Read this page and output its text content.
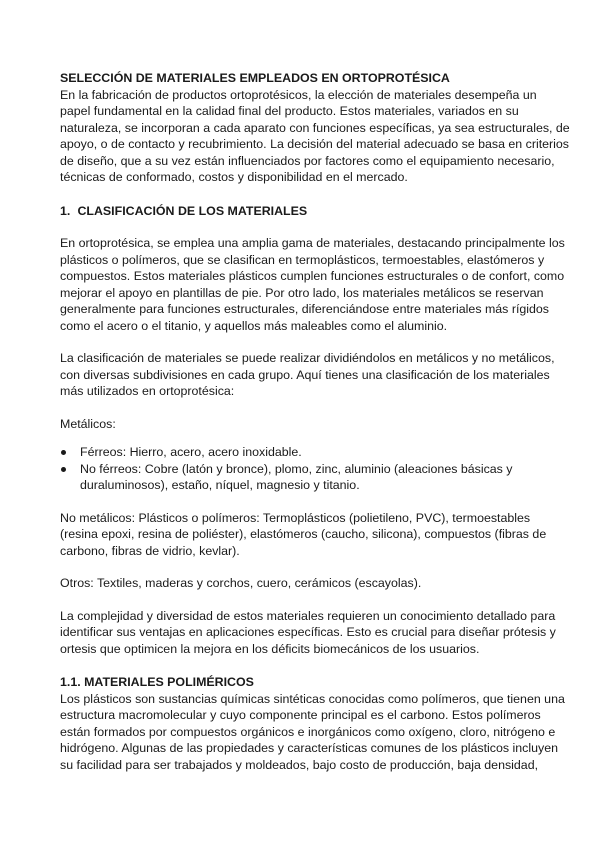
SELECCIÓN DE MATERIALES EMPLEADOS EN ORTOPROTÉSICA

En la fabricación de productos ortoprotésicos, la elección de materiales desempeña un papel fundamental en la calidad final del producto. Estos materiales, variados en su naturaleza, se incorporan a cada aparato con funciones específicas, ya sea estructurales, de apoyo, o de contacto y recubrimiento. La decisión del material adecuado se basa en criterios de diseño, que a su vez están influenciados por factores como el equipamiento necesario, técnicas de conformado, costos y disponibilidad en el mercado.

1. CLASIFICACIÓN DE LOS MATERIALES

En ortoprotésica, se emplea una amplia gama de materiales, destacando principalmente los plásticos o polímeros, que se clasifican en termoplásticos, termoestables, elastómeros y compuestos. Estos materiales plásticos cumplen funciones estructurales o de confort, como mejorar el apoyo en plantillas de pie. Por otro lado, los materiales metálicos se reservan generalmente para funciones estructurales, diferenciándose entre materiales más rígidos como el acero o el titanio, y aquellos más maleables como el aluminio.

La clasificación de materiales se puede realizar dividiéndolos en metálicos y no metálicos, con diversas subdivisiones en cada grupo. Aquí tienes una clasificación de los materiales más utilizados en ortoprotésica:

Metálicos:

Férreos: Hierro, acero, acero inoxidable.
No férreos: Cobre (latón y bronce), plomo, zinc, aluminio (aleaciones básicas y duraluminosos), estaño, níquel, magnesio y titanio.

No metálicos: Plásticos o polímeros: Termoplásticos (polietileno, PVC), termoestables (resina epoxi, resina de poliéster), elastómeros (caucho, silicona), compuestos (fibras de carbono, fibras de vidrio, kevlar).

Otros: Textiles, maderas y corchos, cuero, cerámicos (escayolas).

La complejidad y diversidad de estos materiales requieren un conocimiento detallado para identificar sus ventajas en aplicaciones específicas. Esto es crucial para diseñar prótesis y ortesis que optimicen la mejora en los déficits biomecánicos de los usuarios.

1.1. MATERIALES POLIMÉRICOS

Los plásticos son sustancias químicas sintéticas conocidas como polímeros, que tienen una estructura macromolecular y cuyo componente principal es el carbono. Estos polímeros están formados por compuestos orgánicos e inorgánicos como oxígeno, cloro, nitrógeno e hidrógeno. Algunas de las propiedades y características comunes de los plásticos incluyen su facilidad para ser trabajados y moldeados, bajo costo de producción, baja densidad,
